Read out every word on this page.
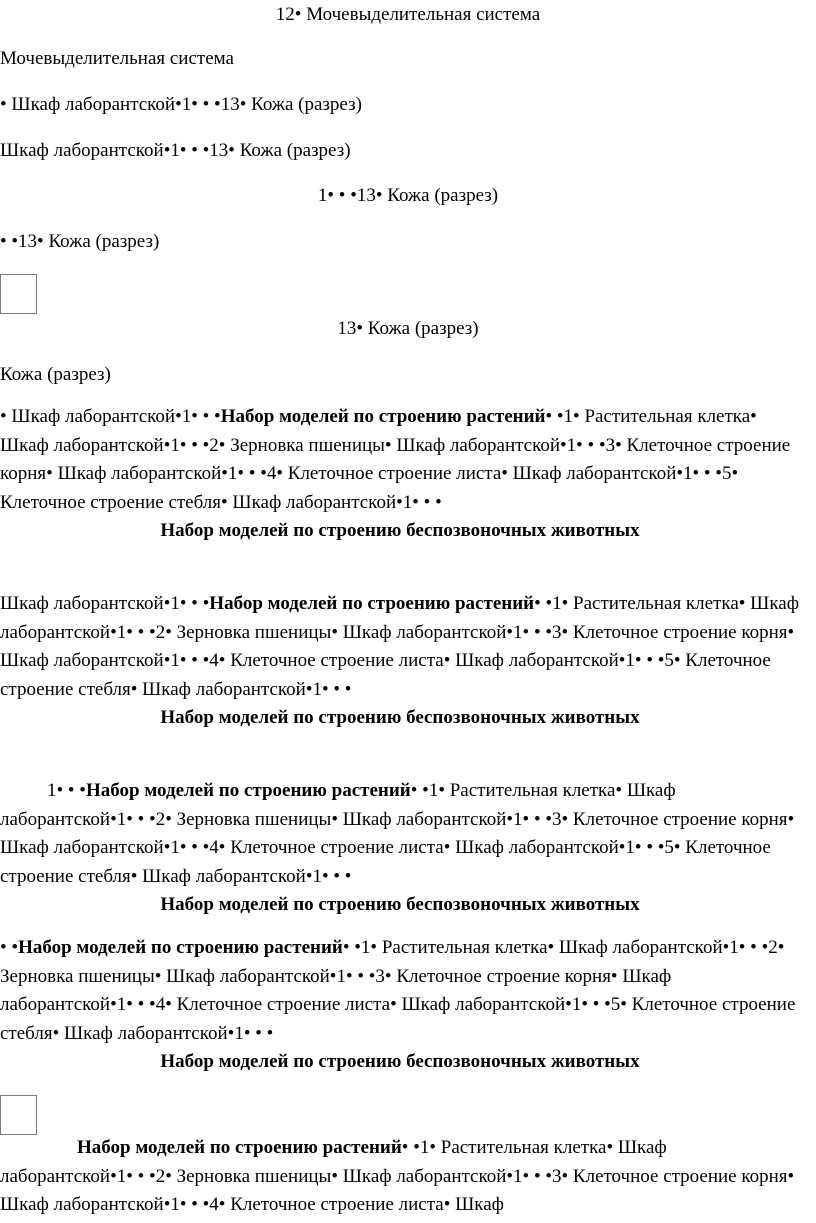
12• Мочевыделительная система

Мочевыделительная система

• Шкаф лаборантской•1• • •13• Кожа (разрез)

Шкаф лаборантской•1• • •13• Кожа (разрез)

1• • •13• Кожа (разрез)

• •13• Кожа (разрез)

13• Кожа (разрез)

Кожа (разрез)

• Шкаф лаборантской•1• • •Набор моделей по строению растений• •1• Растительная клетка• Шкаф лаборантской•1• • •2• Зерновка пшеницы• Шкаф лаборантской•1• • •3• Клеточное строение корня• Шкаф лаборантской•1• • •4• Клеточное строение листа• Шкаф лаборантской•1• • •5• Клеточное строение стебля• Шкаф лаборантской•1• • •
Набор моделей по строению беспозвоночных животных

Шкаф лаборантской•1• • •Набор моделей по строению растений• •1• Растительная клетка• Шкаф лаборантской•1• • •2• Зерновка пшеницы• Шкаф лаборантской•1• • •3• Клеточное строение корня• Шкаф лаборантской•1• • •4• Клеточное строение листа• Шкаф лаборантской•1• • •5• Клеточное строение стебля• Шкаф лаборантской•1• • •
Набор моделей по строению беспозвоночных животных

1• • •Набор моделей по строению растений• •1• Растительная клетка• Шкаф лаборантской•1• • •2• Зерновка пшеницы• Шкаф лаборантской•1• • •3• Клеточное строение корня• Шкаф лаборантской•1• • •4• Клеточное строение листа• Шкаф лаборантской•1• • •5• Клеточное строение стебля• Шкаф лаборантской•1• • •
Набор моделей по строению беспозвоночных животных

• •Набор моделей по строению растений• •1• Растительная клетка• Шкаф лаборантской•1• • •2• Зерновка пшеницы• Шкаф лаборантской•1• • •3• Клеточное строение корня• Шкаф лаборантской•1• • •4• Клеточное строение листа• Шкаф лаборантской•1• • •5• Клеточное строение стебля• Шкаф лаборантской•1• • •
Набор моделей по строению беспозвоночных животных

Набор моделей по строению растений• •1• Растительная клетка• Шкаф лаборантской•1• • •2• Зерновка пшеницы• Шкаф лаборантской•1• • •3• Клеточное строение корня• Шкаф лаборантской•1• • •4• Клеточное строение листа• Шкаф
